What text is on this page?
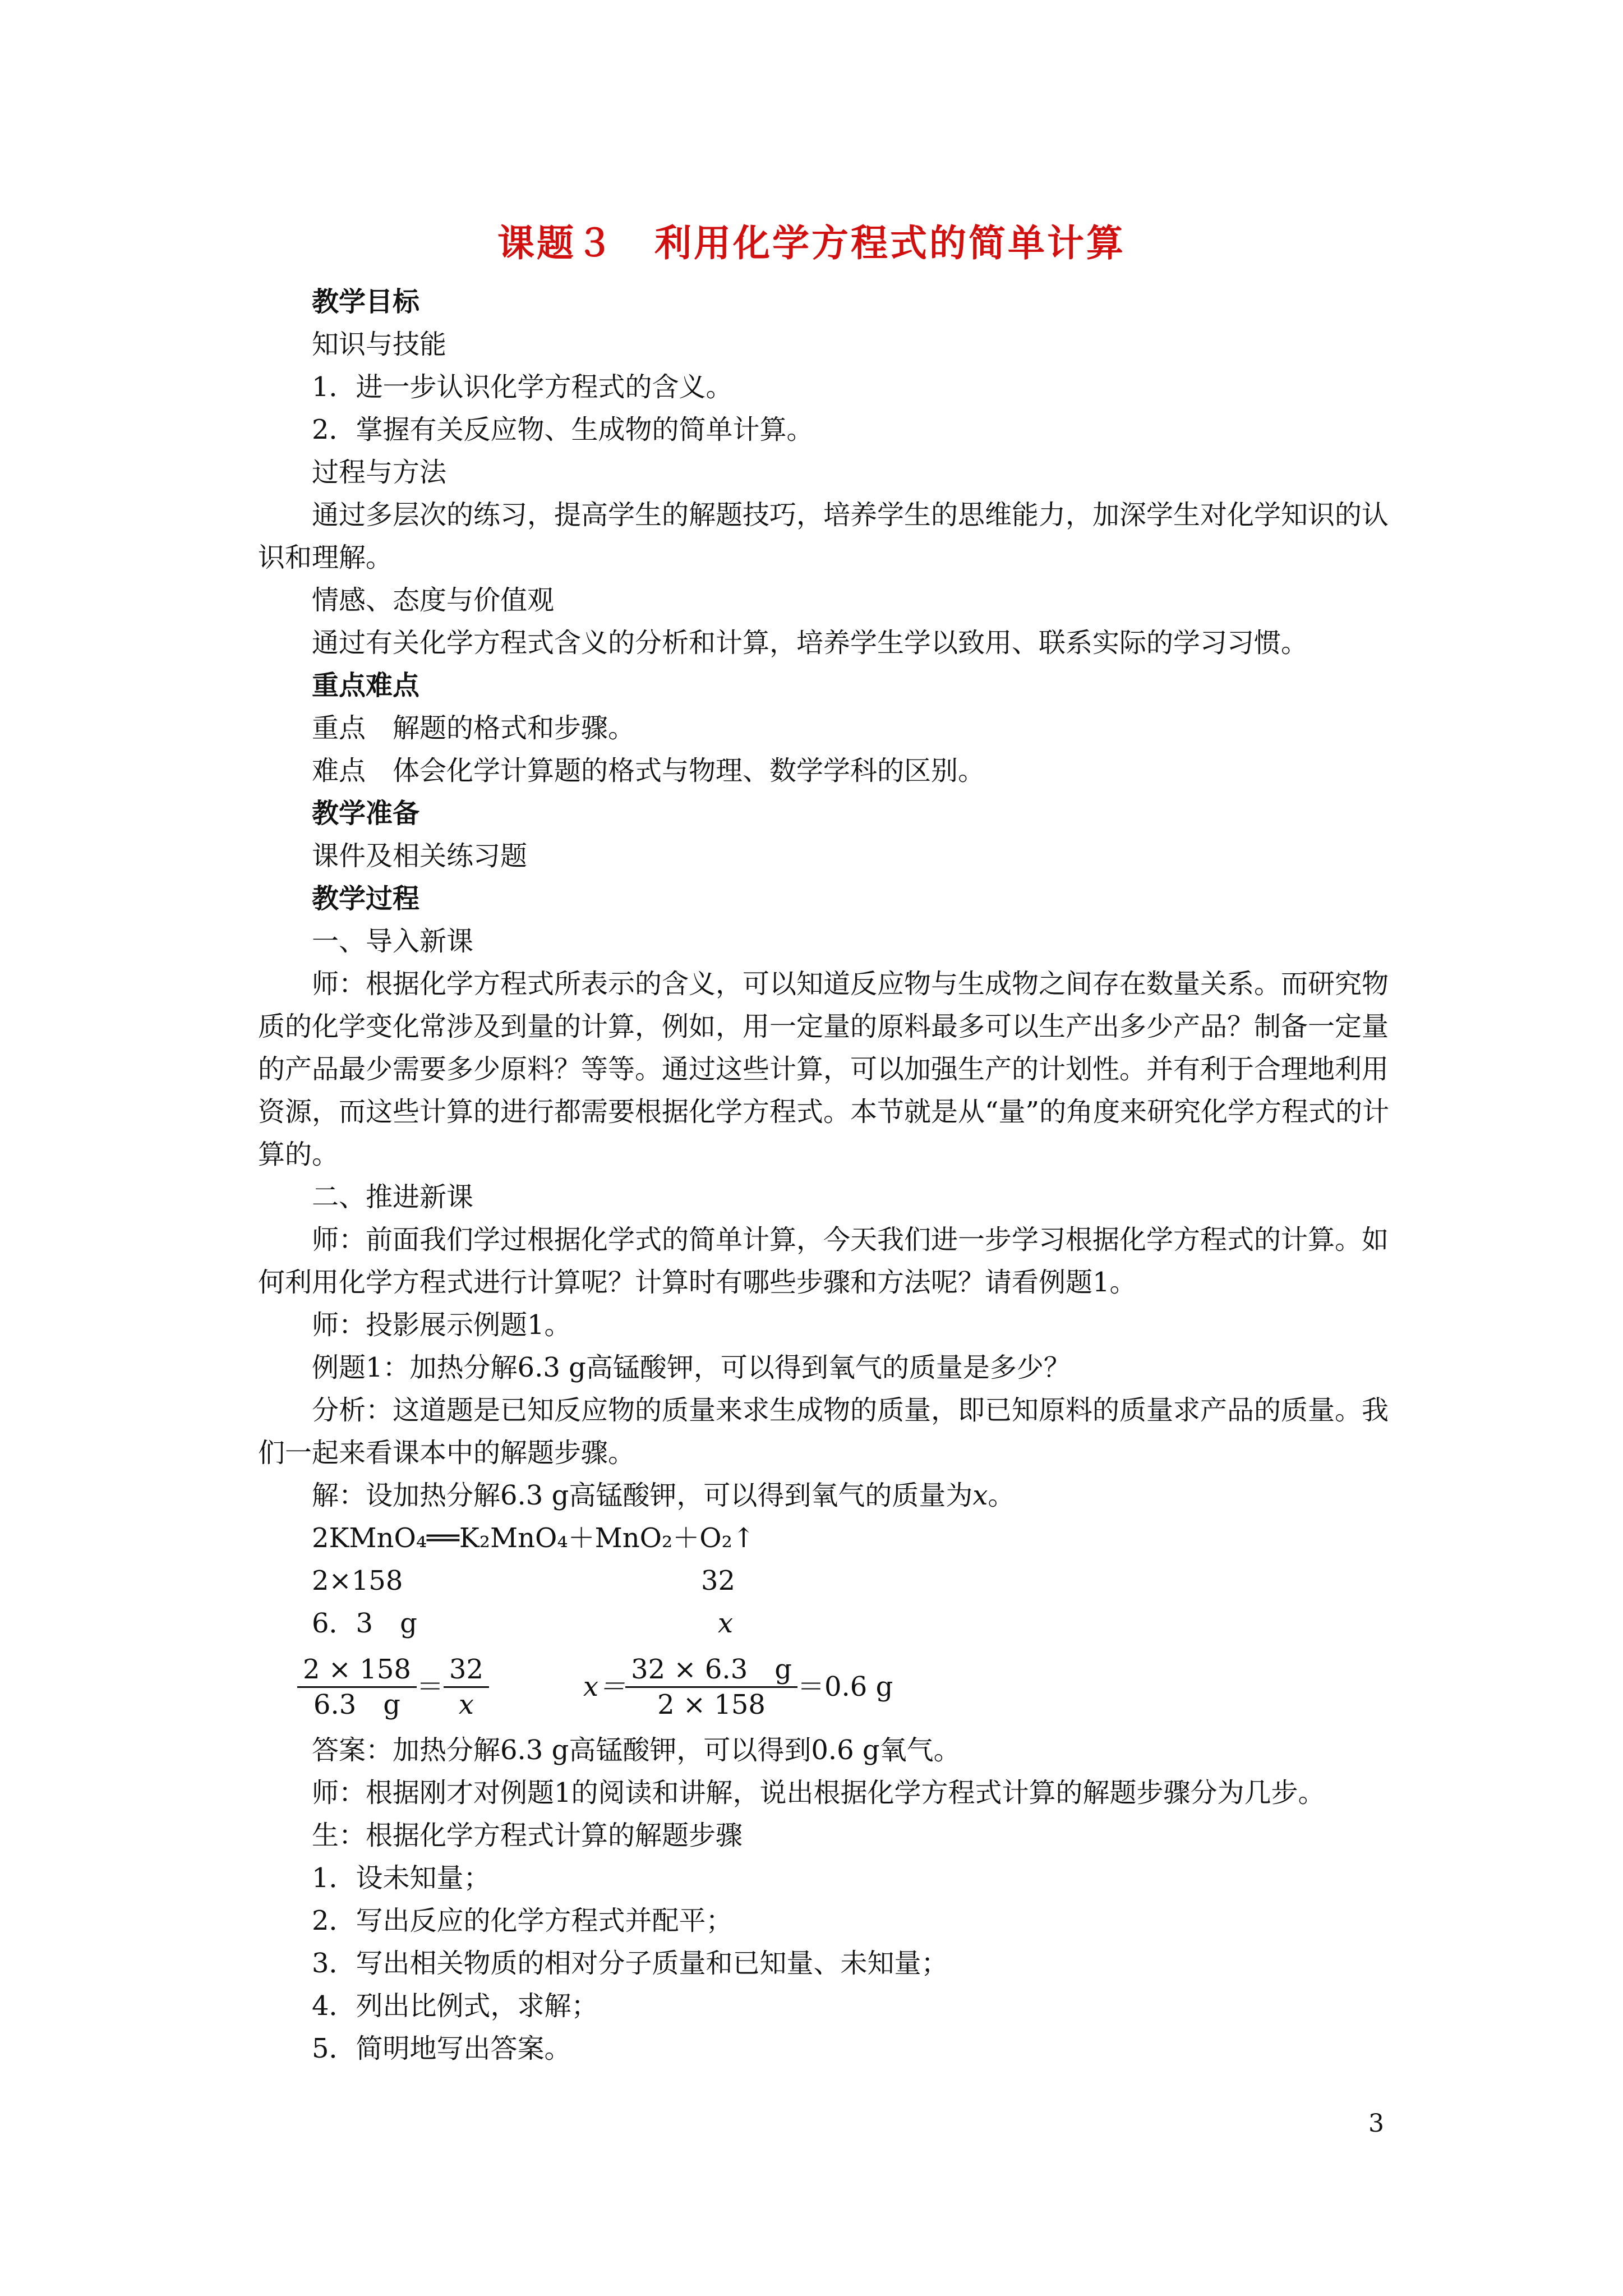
课题３　利用化学方程式的简单计算

教学目标

知识与技能

1．进一步认识化学方程式的含义。

2．掌握有关反应物、生成物的简单计算。

过程与方法

通过多层次的练习，提高学生的解题技巧，培养学生的思维能力，加深学生对化学知识的认识和理解。

情感、态度与价值观

通过有关化学方程式含义的分析和计算，培养学生学以致用、联系实际的学习习惯。

重点难点

重点　解题的格式和步骤。

难点　体会化学计算题的格式与物理、数学学科的区别。

教学准备

课件及相关练习题

教学过程

一、导入新课

师：根据化学方程式所表示的含义，可以知道反应物与生成物之间存在数量关系。而研究物质的化学变化常涉及到量的计算，例如，用一定量的原料最多可以生产出多少产品？制备一定量的产品最少需要多少原料？等等。通过这些计算，可以加强生产的计划性。并有利于合理地利用资源，而这些计算的进行都需要根据化学方程式。本节就是从“量”的角度来研究化学方程式的计算的。

二、推进新课

师：前面我们学过根据化学式的简单计算，今天我们进一步学习根据化学方程式的计算。如何利用化学方程式进行计算呢？计算时有哪些步骤和方法呢？请看例题1。

师：投影展示例题1。

例题1：加热分解6.3 g高锰酸钾，可以得到氧气的质量是多少？

分析：这道题是已知反应物的质量来求生成物的质量，即已知原料的质量求产品的质量。我们一起来看课本中的解题步骤。

解：设加热分解6.3 g高锰酸钾，可以得到氧气的质量为x。

2KMnO₄══K₂MnO₄＋MnO₂＋O₂↑

2×158	32
6．3　g	x
$\frac{2 \times 158}{6.3 g} = \frac{32}{x}$	$x= \frac{32 \times 6.3 g}{2 \times 158} =0.6$ g

答案：加热分解6.3 g高锰酸钾，可以得到0.6 g氧气。

师：根据刚才对例题1的阅读和讲解，说出根据化学方程式计算的解题步骤分为几步。

生：根据化学方程式计算的解题步骤

1．设未知量；

2．写出反应的化学方程式并配平；

3．写出相关物质的相对分子质量和已知量、未知量；

4．列出比例式，求解；

5．简明地写出答案。

3
